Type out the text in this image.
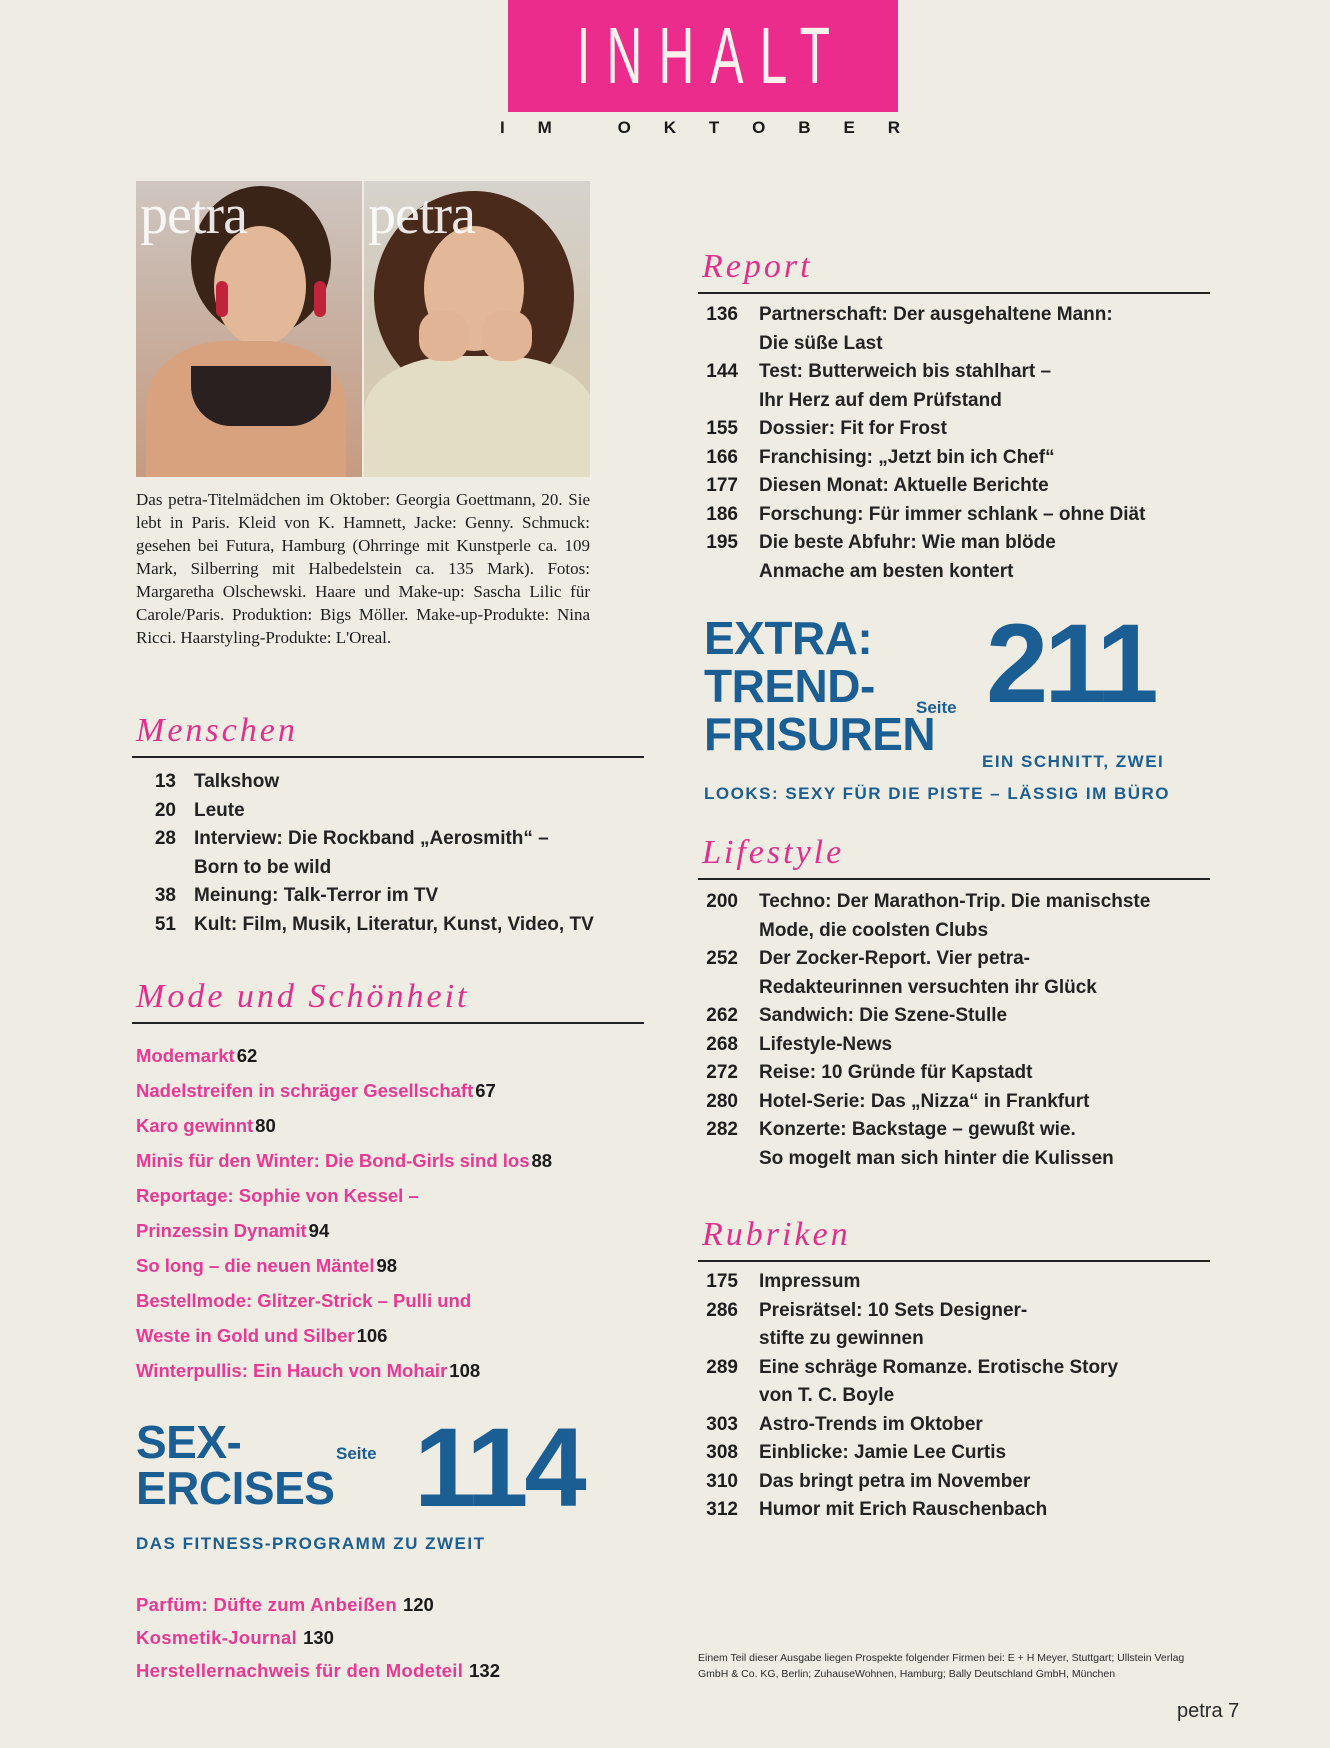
INHALT
I M	O K T O B E R
petra petra
Das petra-Titelmädchen im Oktober: Georgia Goettmann, 20. Sie lebt in Paris. Kleid von K. Hamnett, Jacke: Genny. Schmuck: gesehen bei Futura, Hamburg (Ohrringe mit Kunstperle ca. 109 Mark, Silberring mit Halbedelstein ca. 135 Mark). Fotos: Margaretha Olschewski. Haare und Make-up: Sascha Lilic für Carole/Paris. Produktion: Bigs Möller. Make-up-Produkte: Nina Ricci. Haarstyling-Produkte: L'Oreal.
Menschen
13 Talkshow
20 Leute
28 Interview: Die Rockband „Aerosmith“ –
Born to be wild
38 Meinung: Talk-Terror im TV
51 Kult: Film, Musik, Literatur, Kunst, Video, TV
Mode und Schönheit
Modemarkt 62
Nadelstreifen in schräger Gesellschaft 67
Karo gewinnt 80
Minis für den Winter: Die Bond-Girls sind los 88
Reportage: Sophie von Kessel –
Prinzessin Dynamit 94
So long – die neuen Mäntel 98
Bestellmode: Glitzer-Strick – Pulli und
Weste in Gold und Silber 106
Winterpullis: Ein Hauch von Mohair 108
SEX-
ERCISES
Seite 114
DAS FITNESS-PROGRAMM ZU ZWEIT
Parfüm: Düfte zum Anbeißen 120
Kosmetik-Journal 130
Herstellernachweis für den Modeteil 132
Report
136 Partnerschaft: Der ausgehaltene Mann:
Die süße Last
144 Test: Butterweich bis stahlhart –
Ihr Herz auf dem Prüfstand
155 Dossier: Fit for Frost
166 Franchising: „Jetzt bin ich Chef“
177 Diesen Monat: Aktuelle Berichte
186 Forschung: Für immer schlank – ohne Diät
195 Die beste Abfuhr: Wie man blöde
Anmache am besten kontert
EXTRA:
TREND-
FRISUREN
Seite 211
EIN SCHNITT, ZWEI
LOOKS: SEXY FÜR DIE PISTE – LÄSSIG IM BÜRO
Lifestyle
200 Techno: Der Marathon-Trip. Die manischste
Mode, die coolsten Clubs
252 Der Zocker-Report. Vier petra-
Redakteurinnen versuchten ihr Glück
262 Sandwich: Die Szene-Stulle
268 Lifestyle-News
272 Reise: 10 Gründe für Kapstadt
280 Hotel-Serie: Das „Nizza“ in Frankfurt
282 Konzerte: Backstage – gewußt wie.
So mogelt man sich hinter die Kulissen
Rubriken
175 Impressum
286 Preisrätsel: 10 Sets Designer-
stifte zu gewinnen
289 Eine schräge Romanze. Erotische Story
von T. C. Boyle
303 Astro-Trends im Oktober
308 Einblicke: Jamie Lee Curtis
310 Das bringt petra im November
312 Humor mit Erich Rauschenbach
Einem Teil dieser Ausgabe liegen Prospekte folgender Firmen bei: E + H Meyer, Stuttgart; Ullstein Verlag GmbH & Co. KG, Berlin; ZuhauseWohnen, Hamburg; Bally Deutschland GmbH, München
petra 7
